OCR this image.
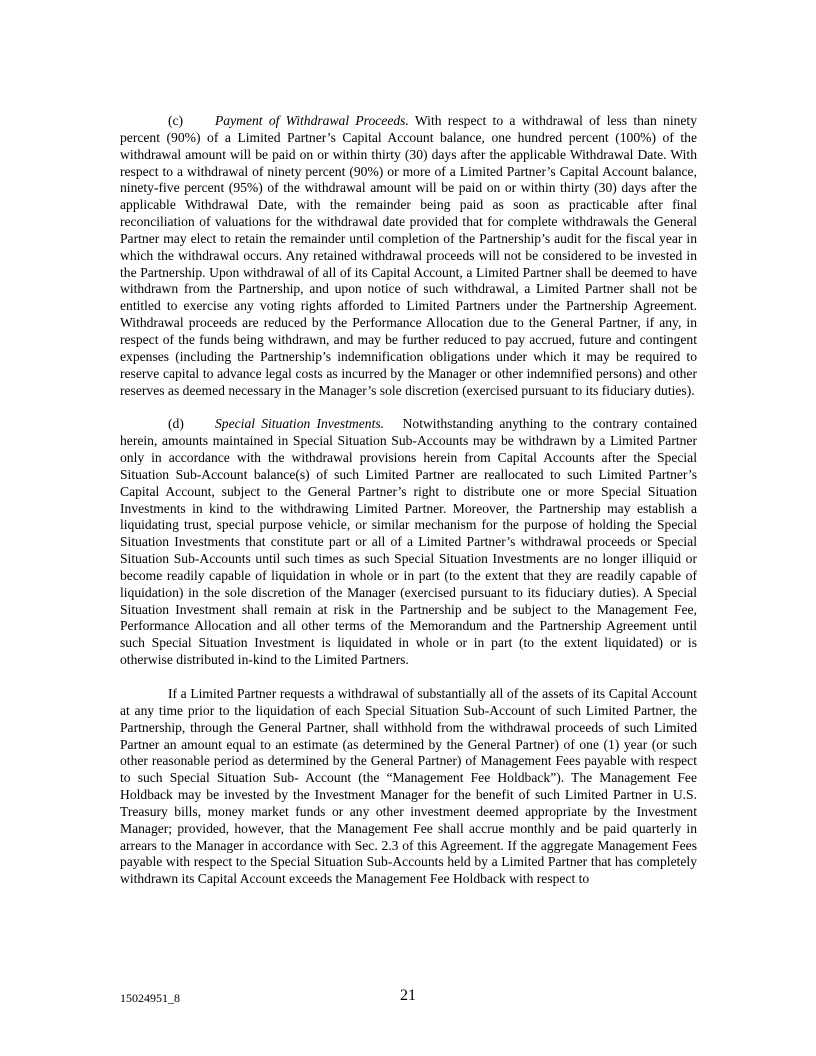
(c) Payment of Withdrawal Proceeds. With respect to a withdrawal of less than ninety percent (90%) of a Limited Partner’s Capital Account balance, one hundred percent (100%) of the withdrawal amount will be paid on or within thirty (30) days after the applicable Withdrawal Date. With respect to a withdrawal of ninety percent (90%) or more of a Limited Partner’s Capital Account balance, ninety-five percent (95%) of the withdrawal amount will be paid on or within thirty (30) days after the applicable Withdrawal Date, with the remainder being paid as soon as practicable after final reconciliation of valuations for the withdrawal date provided that for complete withdrawals the General Partner may elect to retain the remainder until completion of the Partnership’s audit for the fiscal year in which the withdrawal occurs. Any retained withdrawal proceeds will not be considered to be invested in the Partnership. Upon withdrawal of all of its Capital Account, a Limited Partner shall be deemed to have withdrawn from the Partnership, and upon notice of such withdrawal, a Limited Partner shall not be entitled to exercise any voting rights afforded to Limited Partners under the Partnership Agreement. Withdrawal proceeds are reduced by the Performance Allocation due to the General Partner, if any, in respect of the funds being withdrawn, and may be further reduced to pay accrued, future and contingent expenses (including the Partnership’s indemnification obligations under which it may be required to reserve capital to advance legal costs as incurred by the Manager or other indemnified persons) and other reserves as deemed necessary in the Manager’s sole discretion (exercised pursuant to its fiduciary duties).

(d) Special Situation Investments. Notwithstanding anything to the contrary contained herein, amounts maintained in Special Situation Sub-Accounts may be withdrawn by a Limited Partner only in accordance with the withdrawal provisions herein from Capital Accounts after the Special Situation Sub-Account balance(s) of such Limited Partner are reallocated to such Limited Partner’s Capital Account, subject to the General Partner’s right to distribute one or more Special Situation Investments in kind to the withdrawing Limited Partner. Moreover, the Partnership may establish a liquidating trust, special purpose vehicle, or similar mechanism for the purpose of holding the Special Situation Investments that constitute part or all of a Limited Partner’s withdrawal proceeds or Special Situation Sub-Accounts until such times as such Special Situation Investments are no longer illiquid or become readily capable of liquidation in whole or in part (to the extent that they are readily capable of liquidation) in the sole discretion of the Manager (exercised pursuant to its fiduciary duties). A Special Situation Investment shall remain at risk in the Partnership and be subject to the Management Fee, Performance Allocation and all other terms of the Memorandum and the Partnership Agreement until such Special Situation Investment is liquidated in whole or in part (to the extent liquidated) or is otherwise distributed in-kind to the Limited Partners.

If a Limited Partner requests a withdrawal of substantially all of the assets of its Capital Account at any time prior to the liquidation of each Special Situation Sub-Account of such Limited Partner, the Partnership, through the General Partner, shall withhold from the withdrawal proceeds of such Limited Partner an amount equal to an estimate (as determined by the General Partner) of one (1) year (or such other reasonable period as determined by the General Partner) of Management Fees payable with respect to such Special Situation Sub- Account (the “Management Fee Holdback”). The Management Fee Holdback may be invested by the Investment Manager for the benefit of such Limited Partner in U.S. Treasury bills, money market funds or any other investment deemed appropriate by the Investment Manager; provided, however, that the Management Fee shall accrue monthly and be paid quarterly in arrears to the Manager in accordance with Sec. 2.3 of this Agreement. If the aggregate Management Fees payable with respect to the Special Situation Sub-Accounts held by a Limited Partner that has completely withdrawn its Capital Account exceeds the Management Fee Holdback with respect to

15024951_8	21
